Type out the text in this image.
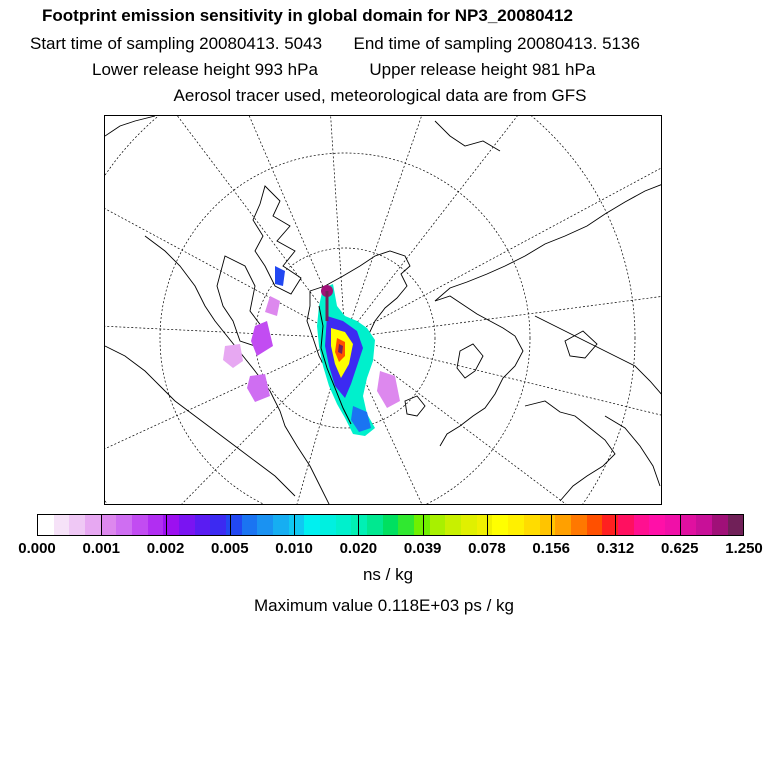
Footprint emission sensitivity in global domain for NP3_20080412
Start time of sampling 20080413. 5043 End time of sampling 20080413. 5136
Lower release height 993 hPa	Upper release height 981 hPa
Aerosol tracer used, meteorological data are from GFS
0.000 0.001 0.002 0.005 0.010 0.020 0.039 0.078 0.156 0.312 0.625 1.250
ns / kg
Maximum value 0.118E+03 ps / kg
